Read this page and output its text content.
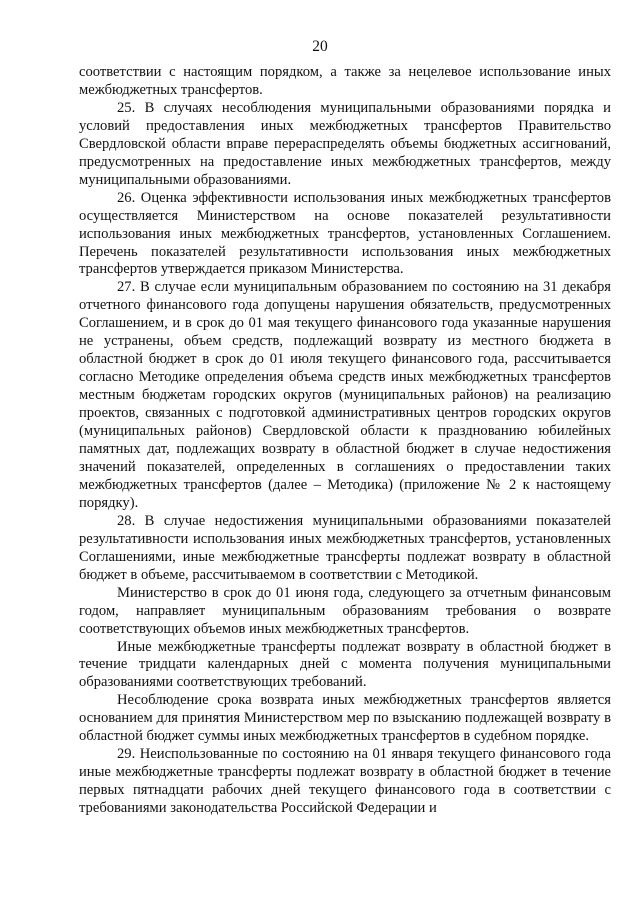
20

соответствии с настоящим порядком, а также за нецелевое использование иных межбюджетных трансфертов.

25. В случаях несоблюдения муниципальными образованиями порядка и условий предоставления иных межбюджетных трансфертов Правительство Свердловской области вправе перераспределять объемы бюджетных ассигнований, предусмотренных на предоставление иных межбюджетных трансфертов, между муниципальными образованиями.

26. Оценка эффективности использования иных межбюджетных трансфертов осуществляется Министерством на основе показателей результативности использования иных межбюджетных трансфертов, установленных Соглашением. Перечень показателей результативности использования иных межбюджетных трансфертов утверждается приказом Министерства.

27. В случае если муниципальным образованием по состоянию на 31 декабря отчетного финансового года допущены нарушения обязательств, предусмотренных Соглашением, и в срок до 01 мая текущего финансового года указанные нарушения не устранены, объем средств, подлежащий возврату из местного бюджета в областной бюджет в срок до 01 июля текущего финансового года, рассчитывается согласно Методике определения объема средств иных межбюджетных трансфертов местным бюджетам городских округов (муниципальных районов) на реализацию проектов, связанных с подготовкой административных центров городских округов (муниципальных районов) Свердловской области к празднованию юбилейных памятных дат, подлежащих возврату в областной бюджет в случае недостижения значений показателей, определенных в соглашениях о предоставлении таких межбюджетных трансфертов (далее – Методика) (приложение № 2 к настоящему порядку).

28. В случае недостижения муниципальными образованиями показателей результативности использования иных межбюджетных трансфертов, установленных Соглашениями, иные межбюджетные трансферты подлежат возврату в областной бюджет в объеме, рассчитываемом в соответствии с Методикой.

Министерство в срок до 01 июня года, следующего за отчетным финансовым годом, направляет муниципальным образованиям требования о возврате соответствующих объемов иных межбюджетных трансфертов.

Иные межбюджетные трансферты подлежат возврату в областной бюджет в течение тридцати календарных дней с момента получения муниципальными образованиями соответствующих требований.

Несоблюдение срока возврата иных межбюджетных трансфертов является основанием для принятия Министерством мер по взысканию подлежащей возврату в областной бюджет суммы иных межбюджетных трансфертов в судебном порядке.

29. Неиспользованные по состоянию на 01 января текущего финансового года иные межбюджетные трансферты подлежат возврату в областной бюджет в течение первых пятнадцати рабочих дней текущего финансового года в соответствии с требованиями законодательства Российской Федерации и
